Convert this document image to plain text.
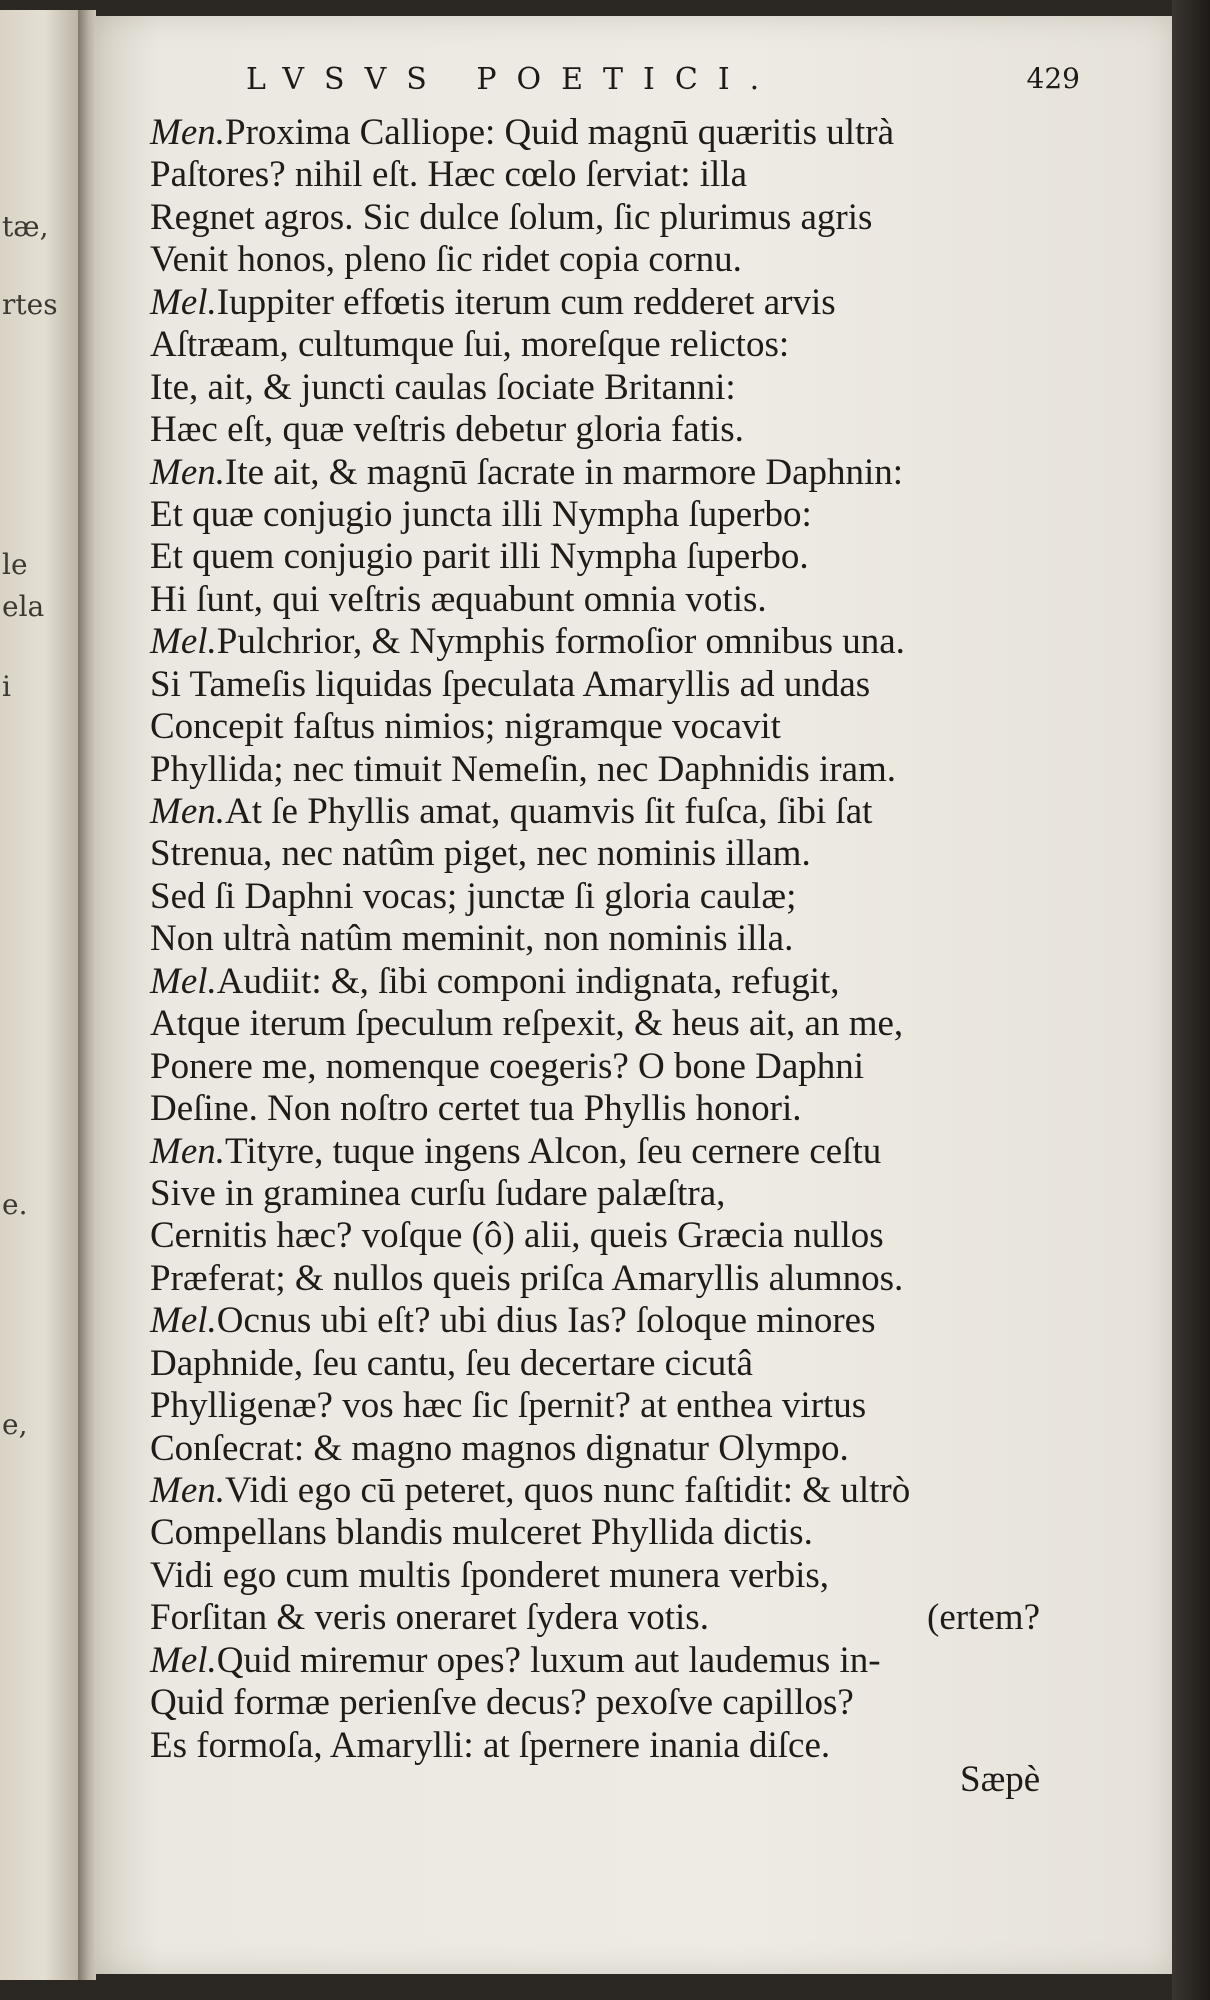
tæ,
rtes
le
ela
i
e.
e,
LVSVS POETICI.	429
Men.Proxima Calliope: Quid magnū quæritis ultrà
Paſtores? nihil eſt. Hæc cœlo ſerviat: illa
Regnet agros. Sic dulce ſolum, ſic plurimus agris
Venit honos, pleno ſic ridet copia cornu.
Mel.Iuppiter effœtis iterum cum redderet arvis
Aſtræam, cultumque ſui, moreſque relictos:
Ite, ait, & juncti caulas ſociate Britanni:
Hæc eſt, quæ veſtris debetur gloria fatis.
Men.Ite ait, & magnū ſacrate in marmore Daphnin:
Et quæ conjugio juncta illi Nympha ſuperbo:
Et quem conjugio parit illi Nympha ſuperbo.
Hi ſunt, qui veſtris æquabunt omnia votis.
Mel.Pulchrior, & Nymphis formoſior omnibus una.
Si Tameſis liquidas ſpeculata Amaryllis ad undas
Concepit faſtus nimios; nigramque vocavit
Phyllida; nec timuit Nemeſin, nec Daphnidis iram.
Men.At ſe Phyllis amat, quamvis ſit fuſca, ſibi ſat
Strenua, nec natûm piget, nec nominis illam.
Sed ſi Daphni vocas; junctæ ſi gloria caulæ;
Non ultrà natûm meminit, non nominis illa.
Mel.Audiit: &, ſibi componi indignata, refugit,
Atque iterum ſpeculum reſpexit, & heus ait, an me,
Ponere me, nomenque coegeris? O bone Daphni
Deſine. Non noſtro certet tua Phyllis honori.
Men.Tityre, tuque ingens Alcon, ſeu cernere ceſtu
Sive in graminea curſu ſudare palæſtra,
Cernitis hæc? voſque (ô) alii, queis Græcia nullos
Præferat; & nullos queis priſca Amaryllis alumnos.
Mel.Ocnus ubi eſt? ubi dius Ias? ſoloque minores
Daphnide, ſeu cantu, ſeu decertare cicutâ
Phylligenæ? vos hæc ſic ſpernit? at enthea virtus
Conſecrat: & magno magnos dignatur Olympo.
Men.Vidi ego cū peteret, quos nunc faſtidit: & ultrò
Compellans blandis mulceret Phyllida dictis.
Vidi ego cum multis ſponderet munera verbis,
Forſitan & veris oneraret ſydera votis.	(ertem?
Mel.Quid miremur opes? luxum aut laudemus in-
Quid formæ perienſve decus? pexoſve capillos?
Es formoſa, Amarylli: at ſpernere inania diſce.
Sæpè
